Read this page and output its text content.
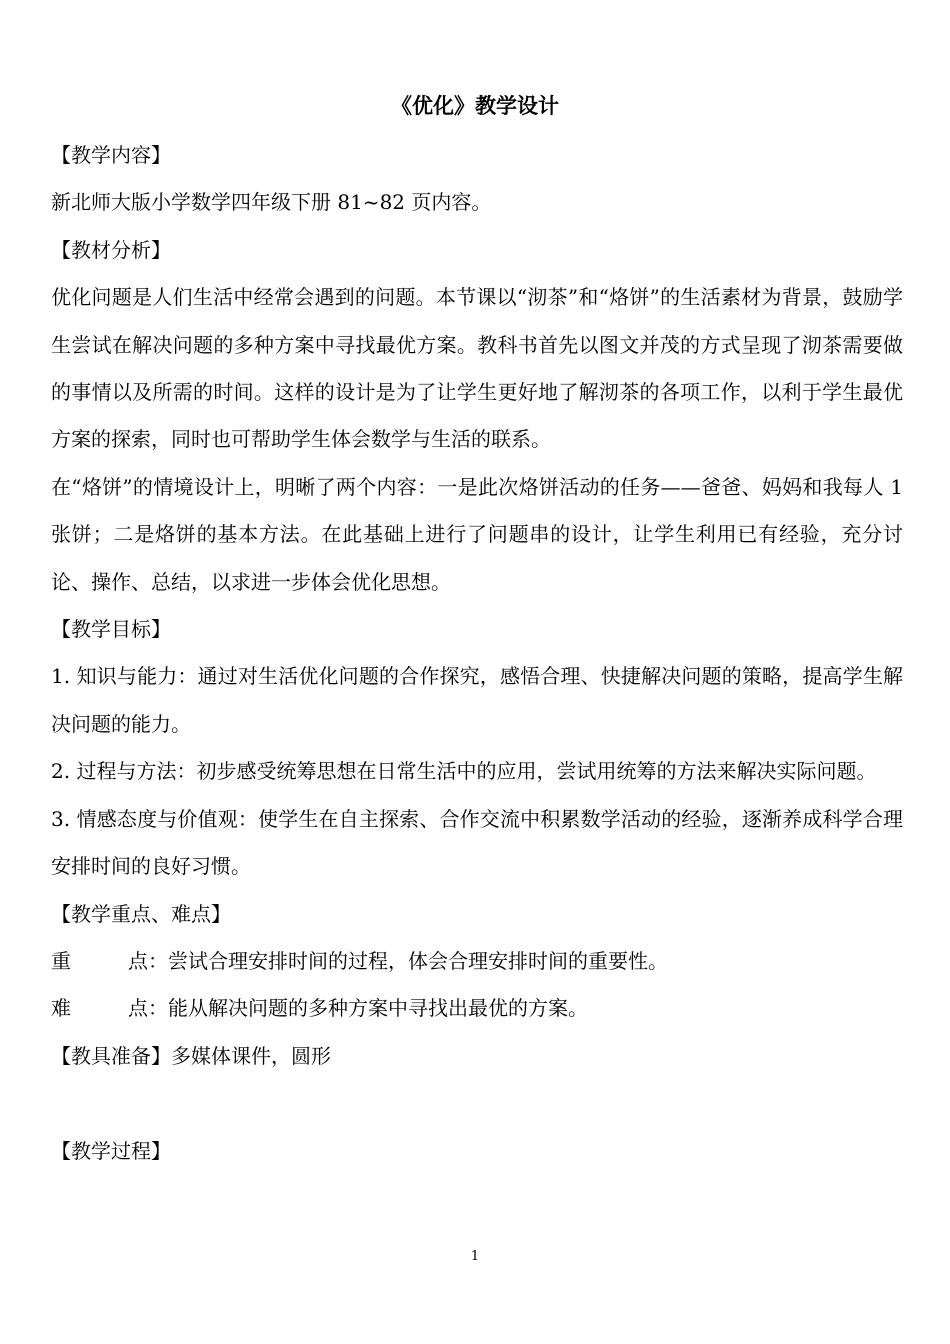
《优化》教学设计

【教学内容】

新北师大版小学数学四年级下册 81~82 页内容。

【教材分析】

优化问题是人们生活中经常会遇到的问题。本节课以“沏茶”和“烙饼”的生活素材为背景，鼓励学生尝试在解决问题的多种方案中寻找最优方案。教科书首先以图文并茂的方式呈现了沏茶需要做的事情以及所需的时间。这样的设计是为了让学生更好地了解沏茶的各项工作，以利于学生最优方案的探索，同时也可帮助学生体会数学与生活的联系。

在“烙饼”的情境设计上，明晰了两个内容：一是此次烙饼活动的任务——爸爸、妈妈和我每人 1 张饼；二是烙饼的基本方法。在此基础上进行了问题串的设计，让学生利用已有经验，充分讨论、操作、总结，以求进一步体会优化思想。

【教学目标】

1. 知识与能力：通过对生活优化问题的合作探究，感悟合理、快捷解决问题的策略，提高学生解决问题的能力。

2. 过程与方法：初步感受统筹思想在日常生活中的应用，尝试用统筹的方法来解决实际问题。

3. 情感态度与价值观：使学生在自主探索、合作交流中积累数学活动的经验，逐渐养成科学合理安排时间的良好习惯。

【教学重点、难点】

重	点：尝试合理安排时间的过程，体会合理安排时间的重要性。

难	点：能从解决问题的多种方案中寻找出最优的方案。

【教具准备】多媒体课件，圆形

【教学过程】

1
